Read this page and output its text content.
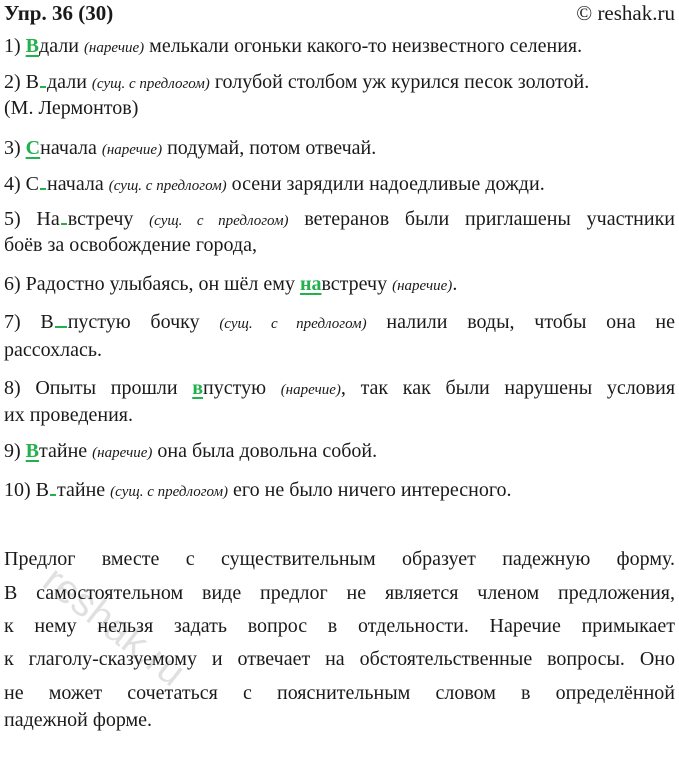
Упр. 36 (30)	© reshak.ru
1) Вдали (наречие) мелькали огоньки какого-то неизвестного селения.
2) В дали (сущ. с предлогом) голубой столбом уж курился песок золотой.
(М. Лермонтов)
3) Сначала (наречие) подумай, потом отвечай.
4) С начала (сущ. с предлогом) осени зарядили надоедливые дожди.
5) На встречу (сущ. с предлогом) ветеранов были приглашены участники
боёв за освобождение города,
6) Радостно улыбаясь, он шёл ему навстречу (наречие).
7) В пустую бочку (сущ. с предлогом) налили воды, чтобы она не
рассохлась.
8) Опыты прошли впустую (наречие), так как были нарушены условия
их проведения.
9) Втайне (наречие) она была довольна собой.
10) В тайне (сущ. с предлогом) его не было ничего интересного.
Предлог вместе с существительным образует падежную форму.
В самостоятельном виде предлог не является членом предложения,
к нему нельзя задать вопрос в отдельности. Наречие примыкает
к глаголу-сказуемому и отвечает на обстоятельственные вопросы. Оно
не может сочетаться с пояснительным словом в определённой
падежной форме.
reshak.ru
